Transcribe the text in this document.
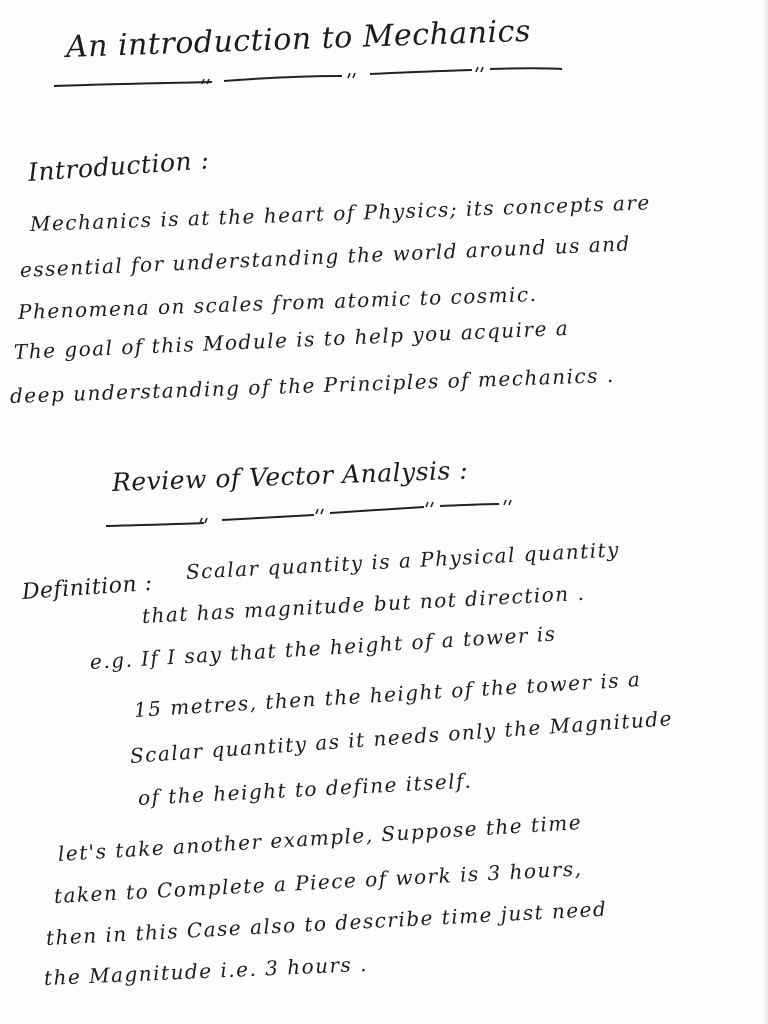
An introduction to Mechanics
Introduction :
Mechanics is at the heart of Physics; its concepts are
essential for understanding the world around us and
Phenomena on scales from atomic to cosmic.
The goal of this Module is to help you acquire a
deep understanding of the Principles of mechanics .
Review of Vector Analysis :
Definition :
Scalar quantity is a Physical quantity
that has magnitude but not direction .
e.g. If I say that the height of a tower is
15 metres, then the height of the tower is a
Scalar quantity as it needs only the Magnitude
of the height to define itself.
let's take another example, Suppose the time
taken to Complete a Piece of work is 3 hours,
then in this Case also to describe time just need
the Magnitude i.e. 3 hours .
